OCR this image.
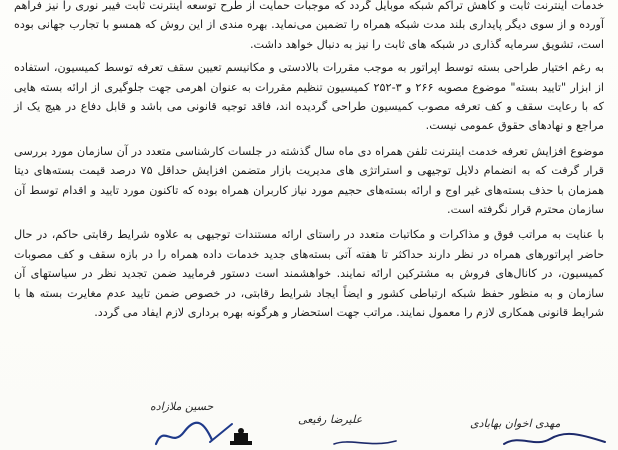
خدمات اینترنت ثابت و کاهش تراکم شبکه موبایل گردد که موجبات حمایت از طرح توسعه اینترنت ثابت فیبر نوری را نیز فراهم آورده و از سوی دیگر پایداری بلند مدت شبکه همراه را تضمین می‌نماید. بهره مندی از این روش که همسو با تجارب جهانی بوده است، تشویق سرمایه گذاری در شبکه های ثابت را نیز به دنبال خواهد داشت.

به رغم اختیار طراحی بسته توسط اپراتور به موجب مقررات بالادستی و مکانیسم تعیین سقف تعرفه توسط کمیسیون، استفاده از ابزار "تایید بسته" موضوع مصوبه ۲۶۶ و ۳-۲۵۲ کمیسیون تنظیم مقررات به عنوان اهرمی جهت جلوگیری از ارائه بسته هایی که با رعایت سقف و کف تعرفه مصوب کمیسیون طراحی گردیده اند، فاقد توجیه قانونی می باشد و قابل دفاع در هیچ یک از مراجع و نهادهای حقوق عمومی نیست.

موضوع افزایش تعرفه خدمت اینترنت تلفن همراه دی ماه سال گذشته در جلسات کارشناسی متعدد در آن سازمان مورد بررسی قرار گرفت که به انضمام دلایل توجیهی و استراتژی های مدیریت بازار متضمن افزایش حداقل ۷۵ درصد قیمت بسته‌های دیتا همزمان با حذف بسته‌های غیر اوج و ارائه بسته‌های حجیم مورد نیاز کاربران همراه بوده که تاکنون مورد تایید و اقدام توسط آن سازمان محترم قرار نگرفته است.

با عنایت به مراتب فوق و مذاکرات و مکاتبات متعدد در راستای ارائه مستندات توجیهی به علاوه شرایط رقابتی حاکم، در حال حاضر اپراتورهای همراه در نظر دارند حداکثر تا هفته آتی بسته‌های جدید خدمات داده همراه را در بازه سقف و کف مصوبات کمیسیون، در کانال‌های فروش به مشترکین ارائه نمایند. خواهشمند است دستور فرمایید ضمن تجدید نظر در سیاستهای آن سازمان و به منظور حفظ شبکه ارتباطی کشور و ایضاً ایجاد شرایط رقابتی، در خصوص ضمن تایید عدم مغایرت بسته ها با شرایط قانونی همکاری لازم را معمول نمایند. مراتب جهت استحضار و هرگونه بهره برداری لازم ایفاد می گردد.

مهدی اخوان بهابادی
علیرضا رفیعی
حسین ملازاده
